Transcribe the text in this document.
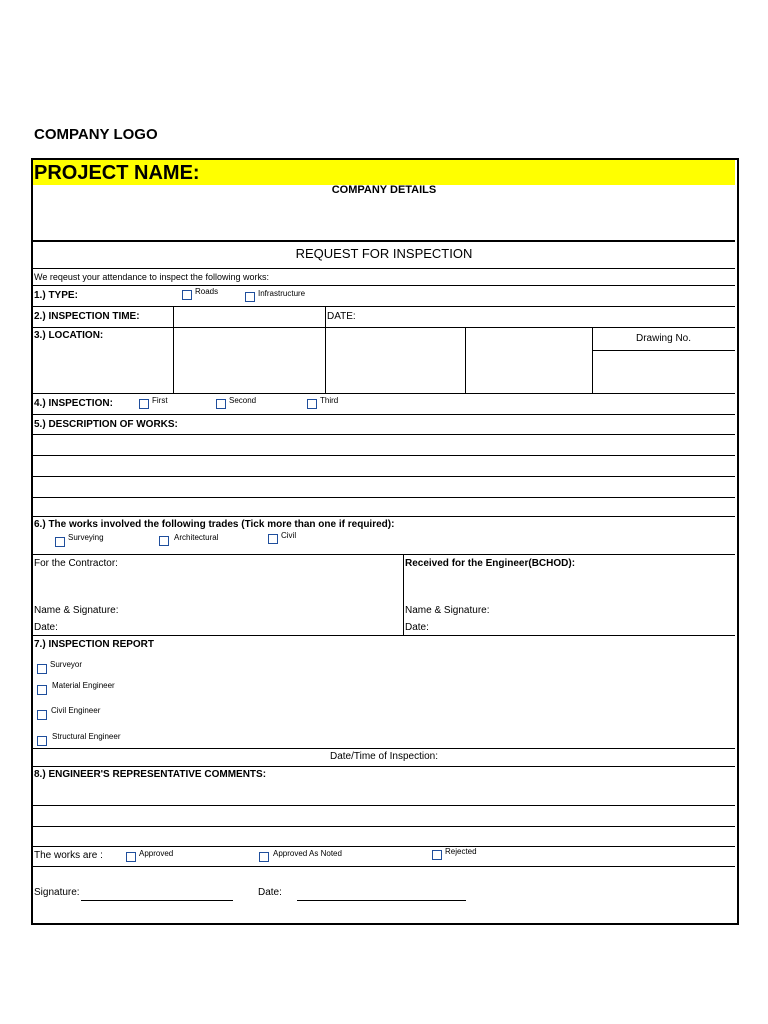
COMPANY LOGO
PROJECT NAME:
COMPANY DETAILS
REQUEST FOR INSPECTION
We reqeust your attendance to inspect the following works:
1.) TYPE:	Roads	Infrastructure
2.) INSPECTION TIME:	DATE:
3.) LOCATION:	Drawing No.
4.) INSPECTION:	First	Second	Third
5.) DESCRIPTION OF WORKS:
6.) The works involved the following trades (Tick more than one if required):
Surveying	Architectural	Civil
For the Contractor:	Received for the Engineer(BCHOD):
Name & Signature:	Name & Signature:
Date:	Date:
7.) INSPECTION REPORT
Surveyor
Material Engineer
Civil Engineer
Structural Engineer
Date/Time of Inspection:
8.) ENGINEER'S REPRESENTATIVE COMMENTS:
The works are :	Approved	Approved As Noted	Rejected
Signature:	Date:
